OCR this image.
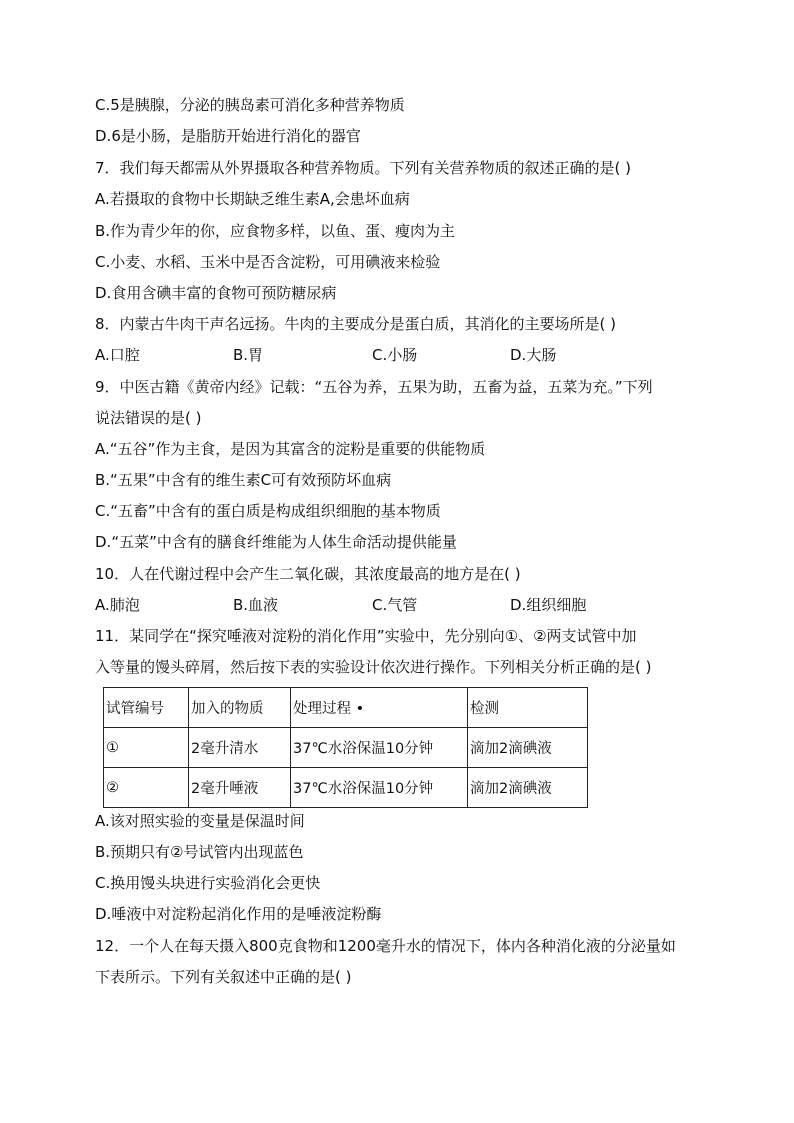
C.5是胰腺，分泌的胰岛素可消化多种营养物质
D.6是小肠，是脂肪开始进行消化的器官
7．我们每天都需从外界摄取各种营养物质。下列有关营养物质的叙述正确的是( )
A.若摄取的食物中长期缺乏维生素A,会患坏血病
B.作为青少年的你，应食物多样，以鱼、蛋、瘦肉为主
C.小麦、水稻、玉米中是否含淀粉，可用碘液来检验
D.食用含碘丰富的食物可预防糖尿病
8．内蒙古牛肉干声名远扬。牛肉的主要成分是蛋白质，其消化的主要场所是( )
A.口腔	B.胃	C.小肠	D.大肠
9．中医古籍《黄帝内经》记载：“五谷为养，五果为助，五畜为益，五菜为充。”下列
说法错误的是( )
A.“五谷”作为主食，是因为其富含的淀粉是重要的供能物质
B.“五果”中含有的维生素C可有效预防坏血病
C.“五畜”中含有的蛋白质是构成组织细胞的基本物质
D.“五菜”中含有的膳食纤维能为人体生命活动提供能量
10．人在代谢过程中会产生二氧化碳，其浓度最高的地方是在( )
A.肺泡	B.血液	C.气管	D.组织细胞
11．某同学在“探究唾液对淀粉的消化作用”实验中，先分别向①、②两支试管中加
入等量的馒头碎屑，然后按下表的实验设计依次进行操作。下列相关分析正确的是( )
试管编号	加入的物质	处理过程 •	检测
①	2毫升清水	37℃水浴保温10分钟	滴加2滴碘液
②	2毫升唾液	37℃水浴保温10分钟	滴加2滴碘液
A.该对照实验的变量是保温时间
B.预期只有②号试管内出现蓝色
C.换用馒头块进行实验消化会更快
D.唾液中对淀粉起消化作用的是唾液淀粉酶
12．一个人在每天摄入800克食物和1200毫升水的情况下，体内各种消化液的分泌量如
下表所示。下列有关叙述中正确的是( )
